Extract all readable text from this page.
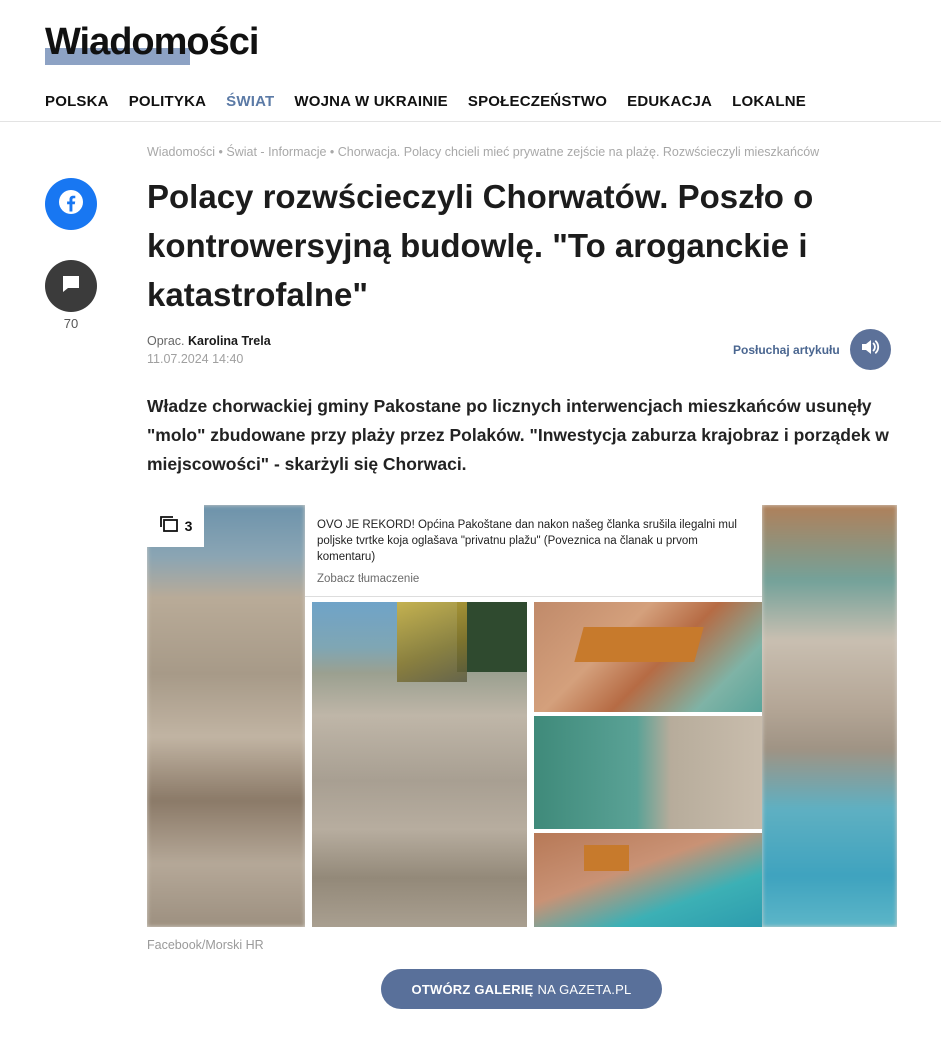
Wiadomości
POLSKA POLITYKA ŚWIAT WOJNA W UKRAINIE SPOŁECZEŃSTWO EDUKACJA LOKALNE
Wiadomości • Świat - Informacje • Chorwacja. Polacy chcieli mieć prywatne zejście na plażę. Rozwścieczyli mieszkańców
70
Polacy rozwścieczyli Chorwatów. Poszło o kontrowersyjną budowlę. "To aroganckie i katastrofalne"
Oprac. Karolina Trela
11.07.2024 14:40
Posłuchaj artykułu

Władze chorwackiej gminy Pakostane po licznych interwencjach mieszkańców usunęły "molo" zbudowane przy plaży przez Polaków. "Inwestycja zaburza krajobraz i porządek w miejscowości" - skarżyli się Chorwaci.

OVO JE REKORD! Općina Pakoštane dan nakon našeg članka srušila ilegalni mul poljske tvrtke koja oglašava "privatnu plažu" (Poveznica na članak u prvom komentaru)
Zobacz tłumaczenie
3
Facebook/Morski HR
OTWÓRZ GALERIĘ NA GAZETA.PL
